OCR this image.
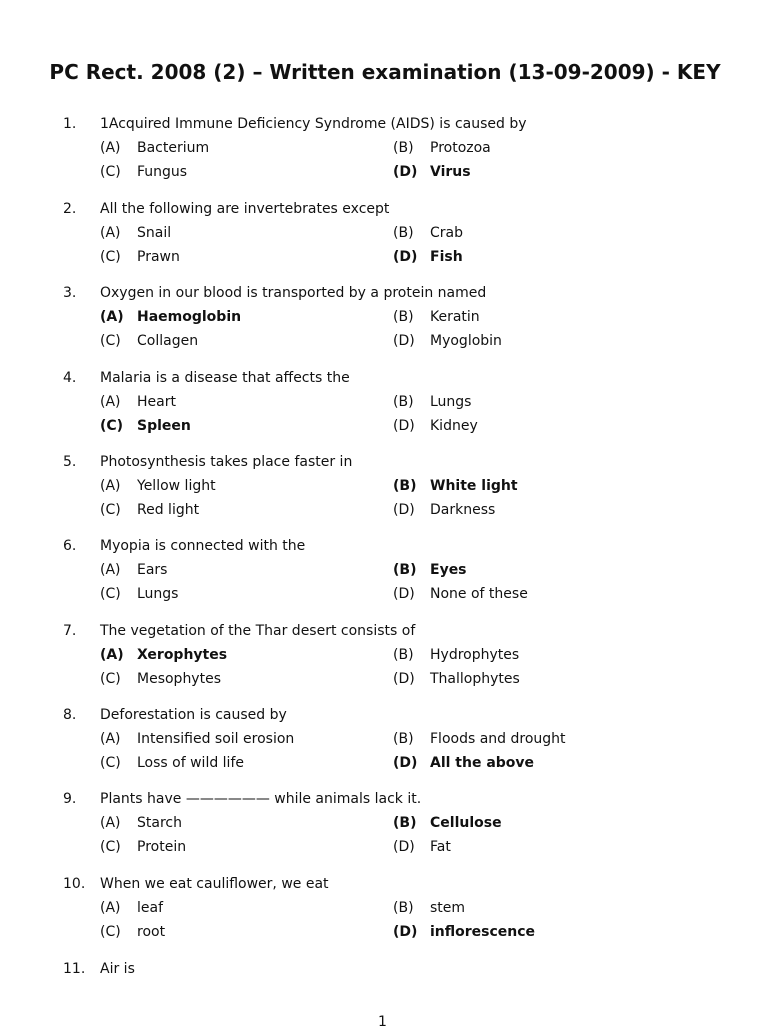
PC Rect. 2008 (2) – Written examination (13-09-2009) - KEY
1. 1Acquired Immune Deficiency Syndrome (AIDS) is caused by
(A) Bacterium	(B) Protozoa
(C) Fungus	(D) Virus
2. All the following are invertebrates except
(A) Snail	(B) Crab
(C) Prawn	(D) Fish
3. Oxygen in our blood is transported by a protein named
(A) Haemoglobin	(B) Keratin
(C) Collagen	(D) Myoglobin
4. Malaria is a disease that affects the
(A) Heart	(B) Lungs
(C) Spleen	(D) Kidney
5. Photosynthesis takes place faster in
(A) Yellow light	(B) White light
(C) Red light	(D) Darkness
6. Myopia is connected with the
(A) Ears	(B) Eyes
(C) Lungs	(D) None of these
7. The vegetation of the Thar desert consists of
(A) Xerophytes	(B) Hydrophytes
(C) Mesophytes	(D) Thallophytes
8. Deforestation is caused by
(A) Intensified soil erosion	(B) Floods and drought
(C) Loss of wild life	(D) All the above
9. Plants have —————— while animals lack it.
(A) Starch	(B) Cellulose
(C) Protein	(D) Fat
10. When we eat cauliflower, we eat
(A) leaf	(B) stem
(C) root	(D) inflorescence
11. Air is
1
